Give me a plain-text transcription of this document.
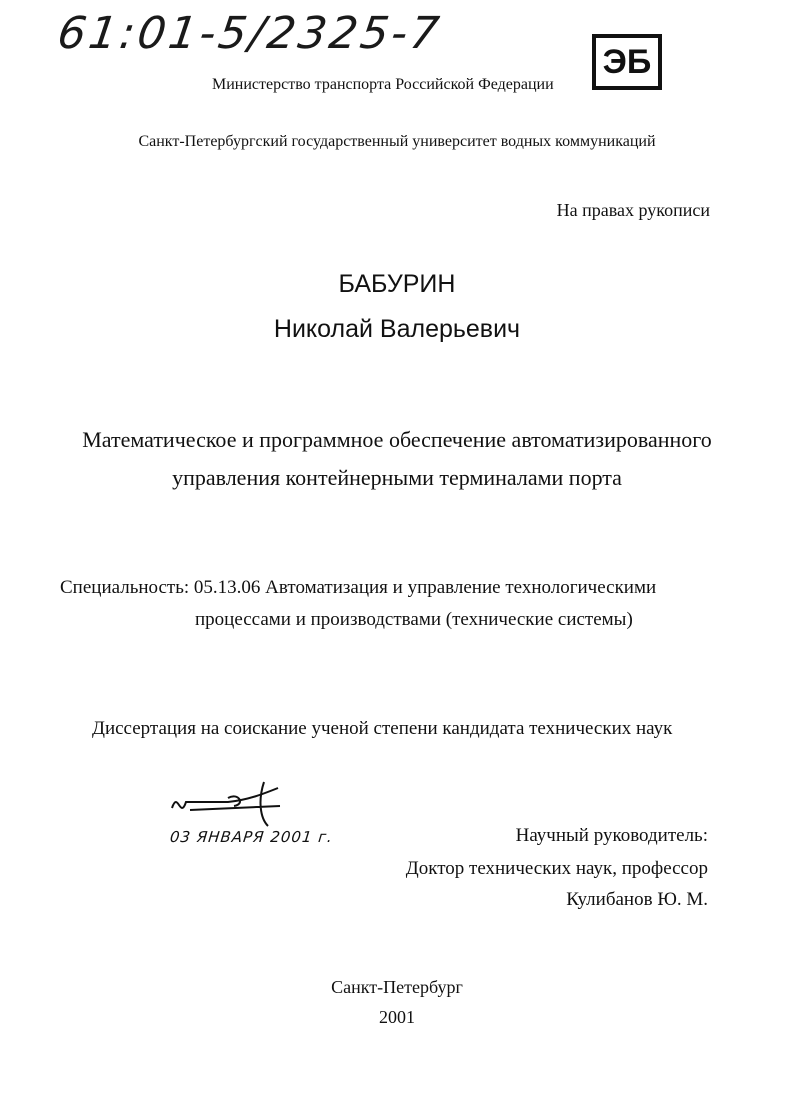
61:01-5/2325-7
ЭБ
Министерство транспорта Российской Федерации
Санкт-Петербургский государственный университет водных коммуникаций
На правах рукописи
БАБУРИН
Николай Валерьевич
Математическое и программное обеспечение автоматизированного
управления контейнерными терминалами порта
Специальность: 05.13.06 Автоматизация и управление технологическими
процессами и производствами (технические системы)
Диссертация на соискание ученой степени кандидата технических наук
03 ЯНВАРЯ 2001 г.	Научный руководитель:
Доктор технических наук, профессор
Кулибанов Ю. М.
Санкт-Петербург
2001
